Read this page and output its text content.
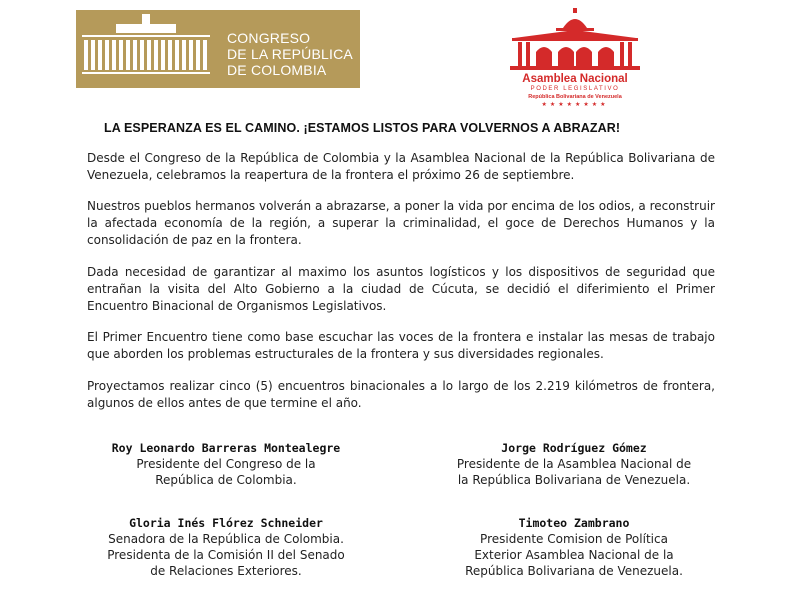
CONGRESO
DE LA REPÚBLICA
DE COLOMBIA
Asamblea Nacional
PODER LEGISLATIVO
República Bolivariana de Venezuela
★★★★★★★★
LA ESPERANZA ES EL CAMINO. ¡ESTAMOS LISTOS PARA VOLVERNOS A ABRAZAR!
Desde el Congreso de la República de Colombia y la Asamblea Nacional de la República Bolivariana de Venezuela, celebramos la reapertura de la frontera el próximo 26 de septiembre.
Nuestros pueblos hermanos volverán a abrazarse, a poner la vida por encima de los odios, a reconstruir la afectada economía de la región, a superar la criminalidad, el goce de Derechos Humanos y la consolidación de paz en la frontera.
Dada necesidad de garantizar al maximo los asuntos logísticos y los dispositivos de seguridad que entrañan la visita del Alto Gobierno a la ciudad de Cúcuta, se decidió el diferimiento el Primer Encuentro Binacional de Organismos Legislativos.
El Primer Encuentro tiene como base escuchar las voces de la frontera e instalar las mesas de trabajo que aborden los problemas estructurales de la frontera y sus diversidades regionales.
Proyectamos realizar cinco (5) encuentros binacionales a lo largo de los 2.219 kilómetros de frontera, algunos de ellos antes de que termine el año.
Roy Leonardo Barreras Montealegre
Presidente del Congreso de la
República de Colombia.
Jorge Rodríguez Gómez
Presidente de la Asamblea Nacional de
la República Bolivariana de Venezuela.
Gloria Inés Flórez Schneider
Senadora de la República de Colombia.
Presidenta de la Comisión II del Senado
de Relaciones Exteriores.
Timoteo Zambrano
Presidente Comision de Política
Exterior Asamblea Nacional de la
República Bolivariana de Venezuela.
